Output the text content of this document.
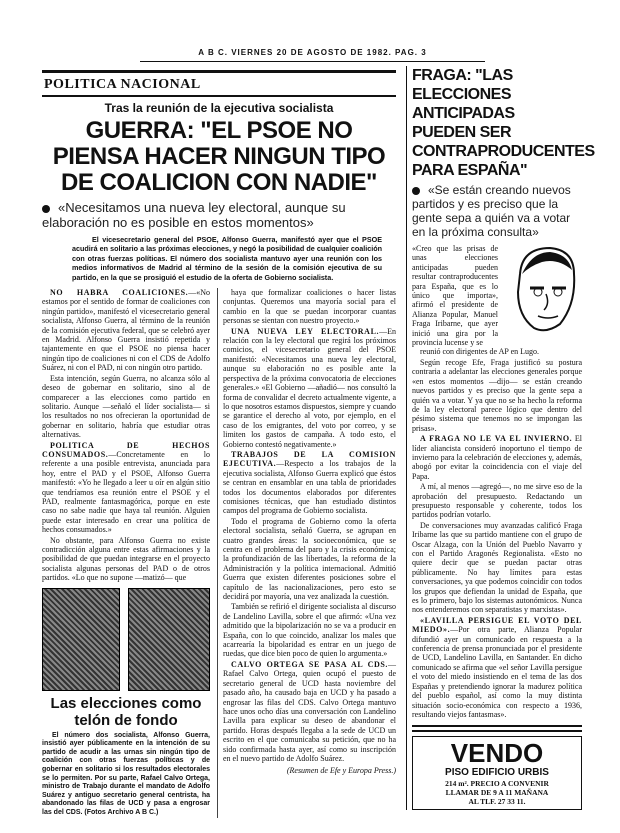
A B C. VIERNES 20 DE AGOSTO DE 1982. PAG. 3
POLITICA NACIONAL
Tras la reunión de la ejecutiva socialista
GUERRA: "EL PSOE NO PIENSA HACER NINGUN TIPO DE COALICION CON NADIE"
«Necesitamos una nueva ley electoral, aunque su elaboración no es posible en estos momentos»
El vicesecretario general del PSOE, Alfonso Guerra, manifestó ayer que el PSOE acudirá en solitario a las próximas elecciones, y negó la posibilidad de cualquier coalición con otras fuerzas políticas. El número dos socialista mantuvo ayer una reunión con los medios informativos de Madrid al término de la sesión de la comisión ejecutiva de su partido, en la que se prosiguió el estudio de la oferta de Gobierno socialista.

NO HABRA COALICIONES.—«No estamos por el sentido de formar de coaliciones con ningún partido», manifestó el vicesecretario general socialista, Alfonso Guerra, al término de la reunión de la comisión ejecutiva federal, que se celebró ayer en Madrid. Alfonso Guerra insistió repetida y tajantemente en que el PSOE no piensa hacer ningún tipo de coaliciones ni con el CDS de Adolfo Suárez, ni con el PAD, ni con ningún otro partido.

Esta intención, según Guerra, no alcanza sólo al deseo de gobernar en solitario, sino al de comparecer a las elecciones como partido en solitario. Aunque —señaló el líder socialista— si los resultados no nos ofrecieran la oportunidad de gobernar en solitario, habría que estudiar otras alternativas.

POLITICA DE HECHOS CONSUMADOS.—Concretamente en lo referente a una posible entrevista, anunciada para hoy, entre el PAD y el PSOE, Alfonso Guerra manifestó: «Yo he llegado a leer u oír en algún sitio que tendríamos esa reunión entre el PSOE y el PAD, realmente fantasmagórica, porque en este caso no sabe nadie que haya tal reunión. Alguien puede estar interesado en crear una política de hechos consumados.»

No obstante, para Alfonso Guerra no existe contradicción alguna entre estas afirmaciones y la posibilidad de que puedan integrarse en el proyecto socialista algunas personas del PAD o de otros partidos. «Lo que no supone —matizó— que

Las elecciones como telón de fondo
El número dos socialista, Alfonso Guerra, insistió ayer públicamente en la intención de su partido de acudir a las urnas sin ningún tipo de coalición con otras fuerzas políticas y de gobernar en solitario si los resultados electorales se lo permiten. Por su parte, Rafael Calvo Ortega, ministro de Trabajo durante el mandato de Adolfo Suárez y antiguo secretario general centrista, ha abandonado las filas de UCD y pasa a engrosar las del CDS. (Fotos Archivo A B C.)

haya que formalizar coaliciones o hacer listas conjuntas. Queremos una mayoría social para el cambio en la que se puedan incorporar cuantas personas se sientan con nuestro proyecto.»

UNA NUEVA LEY ELECTORAL.—En relación con la ley electoral que regirá los próximos comicios, el vicesecretario general del PSOE manifestó: «Necesitamos una nueva ley electoral, aunque su elaboración no es posible ante la perspectiva de la próxima convocatoria de elecciones generales.» «El Gobierno —añadió— nos consultó la forma de convalidar el decreto actualmente vigente, a lo que nosotros estamos dispuestos, siempre y cuando se garantice el derecho al voto, por ejemplo, en el caso de los emigrantes, del voto por correo, y se limiten los gastos de campaña. A todo esto, el Gobierno contestó negativamente.»

TRABAJOS DE LA COMISION EJECUTIVA.—Respecto a los trabajos de la ejecutiva socialista, Alfonso Guerra explicó que éstos se centran en ensamblar en una tabla de prioridades todos los documentos elaborados por diferentes comisiones técnicas, que han estudiado distintos campos del programa de Gobierno socialista.

Todo el programa de Gobierno como la oferta electoral socialista, señaló Guerra, se agrupan en cuatro grandes áreas: la socioeconómica, que se centra en el problema del paro y la crisis económica; la profundización de las libertades, la reforma de la Administración y la política internacional. Admitió Guerra que existen diferentes posiciones sobre el capítulo de las nacionalizaciones, pero esto se decidirá por mayoría, una vez analizada la cuestión.

También se refirió el dirigente socialista al discurso de Landelino Lavilla, sobre el que afirmó: «Una vez admitido que la bipolarización no se va a producir en España, con lo que coincido, analizar los males que acarrearía la bipolaridad es entrar en un juego de ruedas, que dice bien poco de quien lo argumenta.»

CALVO ORTEGA SE PASA AL CDS.—Rafael Calvo Ortega, quien ocupó el puesto de secretario general de UCD hasta noviembre del pasado año, ha causado baja en UCD y ha pasado a engrosar las filas del CDS. Calvo Ortega mantuvo hace unos ocho días una conversación con Landelino Lavilla para explicar su deseo de abandonar el partido. Horas después llegaba a la sede de UCD un escrito en el que comunicaba su petición, que no ha sido confirmada hasta ayer, así como su inscripción en el nuevo partido de Adolfo Suárez.

(Resumen de Efe y Europa Press.)
FRAGA: "LAS ELECCIONES ANTICIPADAS PUEDEN SER CONTRAPRODUCENTES PARA ESPAÑA"
«Se están creando nuevos partidos y es preciso que la gente sepa a quién va a votar en la próxima consulta»
«Creo que las prisas de unas elecciones anticipadas pueden resultar contraproducentes para España, que es lo único que importa», afirmó el presidente de Alianza Popular, Manuel Fraga Iribarne, que ayer inició una gira por la provincia lucense y se

reunió con dirigentes de AP en Lugo.

Según recoge Efe, Fraga justificó su postura contraria a adelantar las elecciones generales porque «en estos momentos —dijo— se están creando nuevos partidos y es preciso que la gente sepa a quién va a votar. Y ya que no se ha hecho la reforma de la ley electoral parece lógico que dentro del pésimo sistema que tenemos no se impongan las prisas».

A FRAGA NO LE VA EL INVIERNO. El líder aliancista consideró inoportuno el tiempo de invierno para la celebración de elecciones y, además, abogó por evitar la coincidencia con el viaje del Papa.

A mí, al menos —agregó—, no me sirve eso de la aprobación del presupuesto. Redactando un presupuesto responsable y coherente, todos los partidos podrían votarlo.

De conversaciones muy avanzadas calificó Fraga Iribarne las que su partido mantiene con el grupo de Oscar Alzaga, con la Unión del Pueblo Navarro y con el Partido Aragonés Regionalista. «Esto no quiere decir que se puedan pactar otras públicamente. No hay límites para estas conversaciones, ya que podemos coincidir con todos los grupos que defiendan la unidad de España, que es lo primero, bajo los sistemas autonómicos. Nunca nos entenderemos con separatistas y marxistas».

«LAVILLA PERSIGUE EL VOTO DEL MIEDO».—Por otra parte, Alianza Popular difundió ayer un comunicado en respuesta a la conferencia de prensa pronunciada por el presidente de UCD, Landelino Lavilla, en Santander. En dicho comunicado se afirma que «el señor Lavilla persigue el voto del miedo insistiendo en el tema de las dos Españas y pretendiendo ignorar la madurez política del pueblo español, así como la muy distinta situación socio-económica con respecto a 1936, resultando viejos fantasmas».

VENDO
PISO EDIFICIO URBIS
214 m². PRECIO A CONVENIR
LLAMAR DE 9 A 11 MAÑANA
AL TLF. 27 33 11.
